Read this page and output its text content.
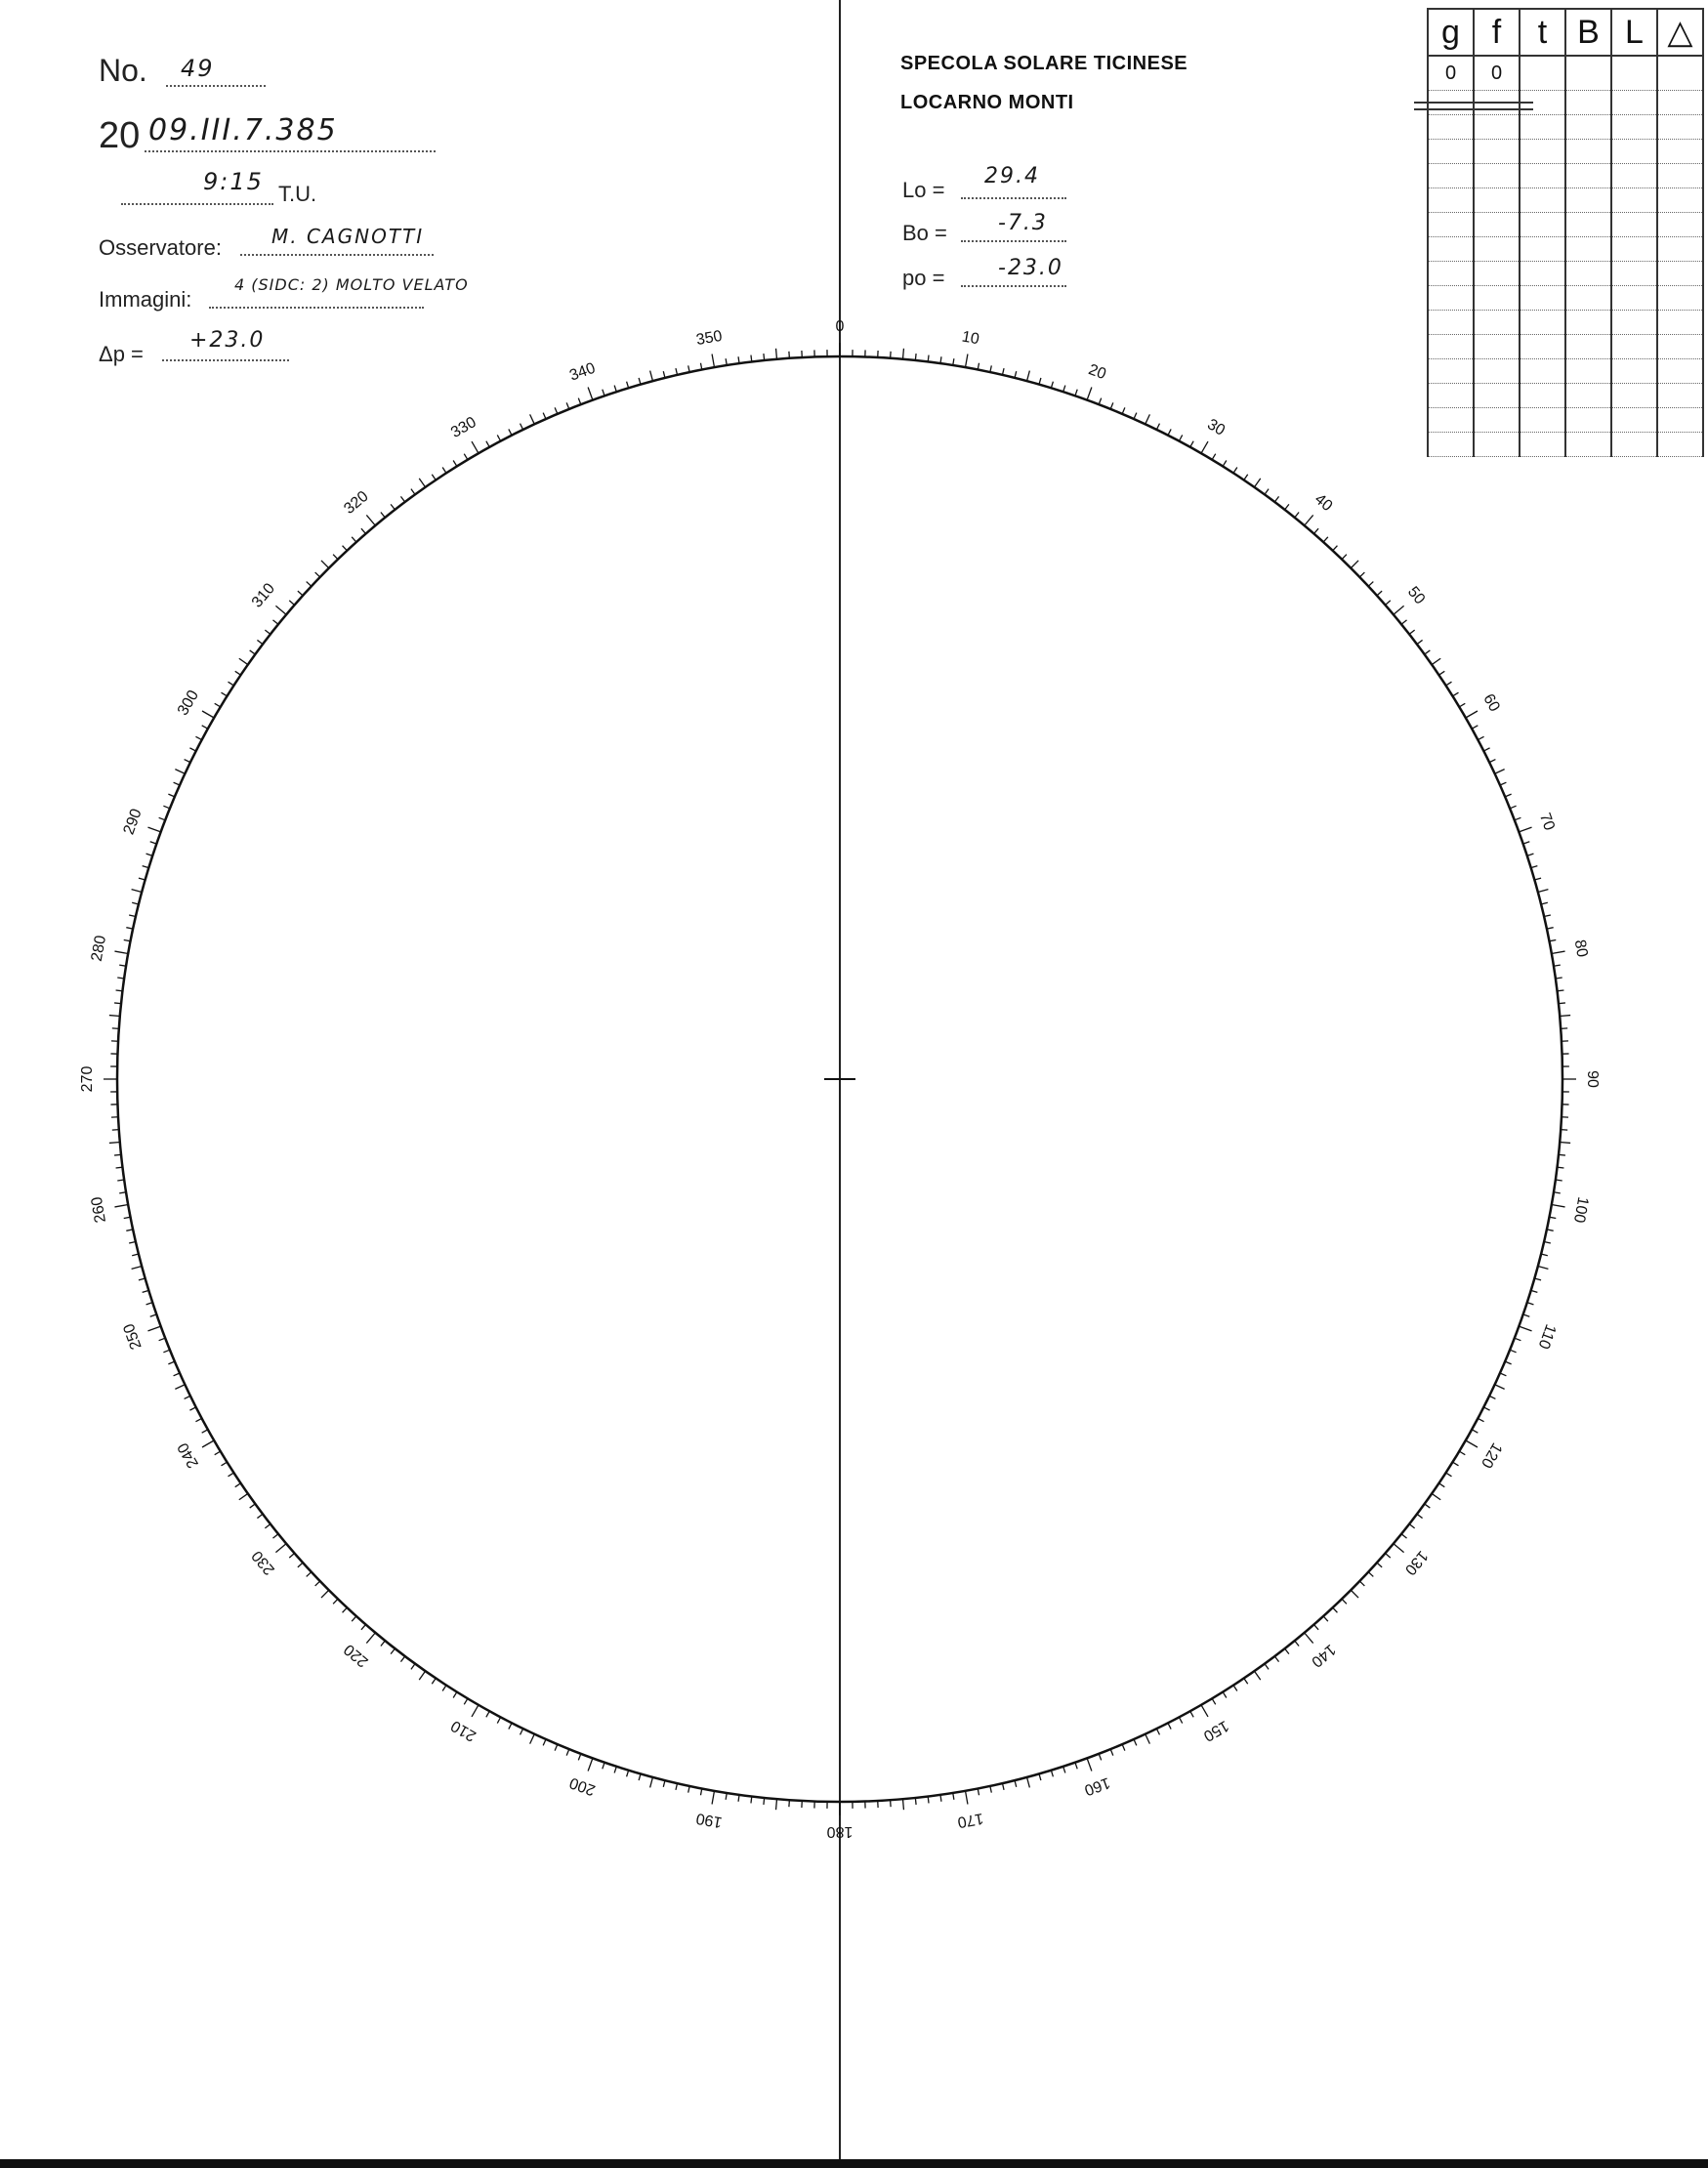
No. 49
20 09.III.7.385
9:15 T.U.
Osservatore:	M. CAGNOTTI
Immagini:
4 (SIDC: 2) MOLTO VELATO
Δp =
+23.0
SPECOLA SOLARE TICINESE
LOCARNO MONTI
Lo =
29.4
Bo = -7.3
po = -23.0
g	f	t	B	L	△
0	0				

0
10
20
30
40
50
60
70
80
90
100
110
120
130
140
150
160
170
180
190
200
210
220
230
240
250
260
270
280
290
300
310
320
330
340
350
